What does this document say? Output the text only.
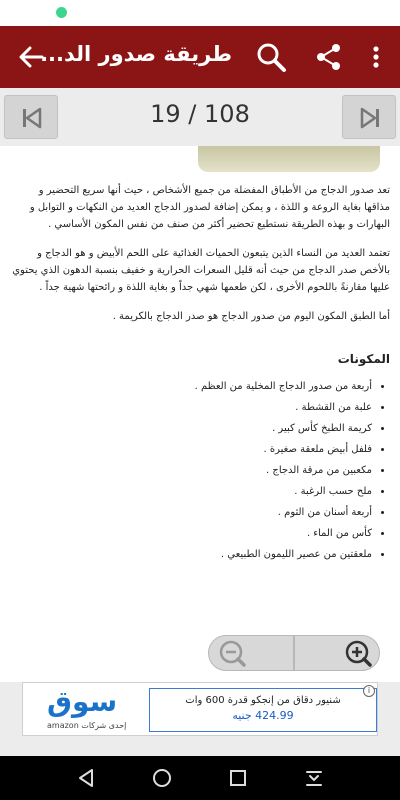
طريقة صدور الد...
19 / 108

تعد صدور الدجاج من الأطباق المفضلة من جميع الأشخاص ، حيث أنها سريع التحضير و مذاقها بغاية الروعة و اللذة ، و يمكن إضافة لصدور الدجاج العديد من النكهات و التوابل و البهارات و بهذه الطريقة نستطيع تحضير أكثر من صنف من نفس المكون الأساسي .

تعتمد العديد من النساء الذين يتبعون الحميات الغذائية على اللحم الأبيض و هو الدجاج و بالأخص صدر الدجاج من حيث أنه قليل السعرات الحرارية و خفيف بنسبة الدهون الذي يحتوي عليها مقارنةً باللحوم الأخرى ، لكن طعمها شهي جداً و بغاية اللذة و رائحتها شهية جداً .

أما الطبق المكون اليوم من صدور الدجاج هو صدر الدجاج بالكريمة .

المكونات
• أربعة من صدور الدجاج المخلية من العظم .
• علبة من القشطة .
• كريمة الطبخ كأس كبير .
• فلفل أبيض ملعقة صغيرة .
• مكعبين من مرقة الدجاج .
• ملح حسب الرغبة .
• أربعة أسنان من الثوم .
• كأس من الماء .
• ملعقتين من عصير الليمون الطبيعي .
سوق
إحدى شركات amazon
شنيور دقاق من إنجكو قدرة 600 وات
424.99 جنيه
i
